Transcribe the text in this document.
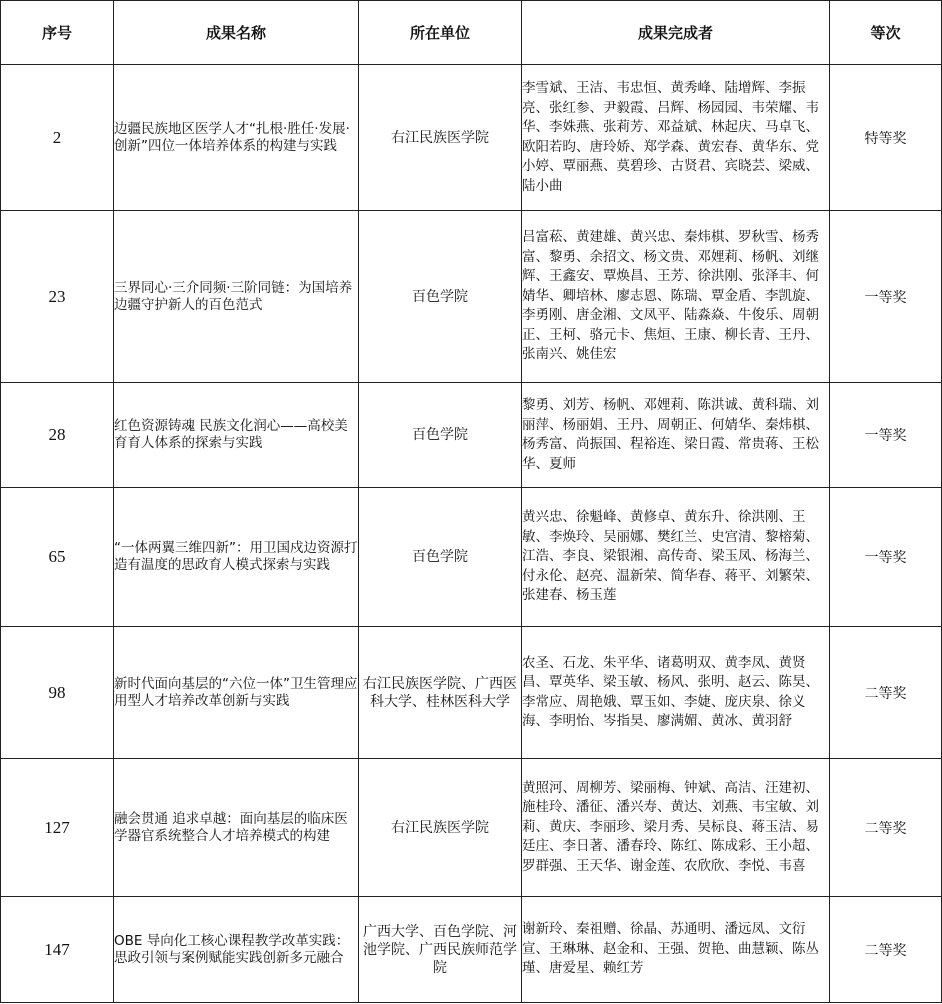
序号	成果名称	所在单位	成果完成者	等次
2	边疆民族地区医学人才“扎根·胜任·发展·创新”四位一体培养体系的构建与实践	右江民族医学院	李雪斌、王洁、韦忠恒、黄秀峰、陆增辉、李振亮、张红参、尹毅霞、吕辉、杨园园、韦荣耀、韦华、李姝燕、张莉芳、邓益斌、林起庆、马卓飞、欧阳若昀、唐玲娇、郑学森、黄宏春、黄华东、党小婷、覃丽燕、莫碧珍、古贤君、宾晓芸、梁威、陆小曲	特等奖
23	三界同心·三介同频·三阶同链：为国培养边疆守护新人的百色范式	百色学院	吕富菘、黄建雄、黄兴忠、秦炜棋、罗秋雪、杨秀富、黎勇、余招文、杨文贵、邓娌莉、杨帆、刘继辉、王鑫安、覃焕昌、王芳、徐洪刚、张泽丰、何婧华、卿培林、廖志恩、陈瑞、覃金盾、李凯旋、李勇刚、唐金湘、文凤平、陆淼焱、牛俊乐、周朝正、王柯、骆元卡、焦烜、王康、柳长青、王丹、张南兴、姚佳宏	一等奖
28	红色资源铸魂 民族文化润心——高校美育育人体系的探索与实践	百色学院	黎勇、刘芳、杨帆、邓娌莉、陈洪诚、黄科瑞、刘丽萍、杨丽娟、王丹、周朝正、何婧华、秦炜棋、杨秀富、尚振国、程裕连、梁日霞、常贵蒋、王松华、夏师	一等奖
65	“一体两翼三维四新”：用卫国戍边资源打造有温度的思政育人模式探索与实践	百色学院	黄兴忠、徐魁峰、黄修卓、黄东升、徐洪刚、王敏、李焕玲、吴丽娜、樊红兰、史宫清、黎榕菊、江浩、李良、梁银湘、高传奇、梁玉凤、杨海兰、付永伦、赵亮、温新荣、简华春、蒋平、刘繁荣、张建春、杨玉莲	一等奖
98	新时代面向基层的“六位一体”卫生管理应用型人才培养改革创新与实践	右江民族医学院、广西医科大学、桂林医科大学	农圣、石龙、朱平华、诸葛明双、黄李凤、黄贤昌、覃英华、梁玉敏、杨风、张明、赵云、陈昊、李常应、周艳娥、覃玉如、李婕、庞庆泉、徐义海、李明怡、岑指昊、廖满媚、黄冰、黄羽舒	二等奖
127	融会贯通 追求卓越：面向基层的临床医学器官系统整合人才培养模式的构建	右江民族医学院	黄照河、周柳芳、梁丽梅、钟斌、高洁、汪建初、施桂玲、潘征、潘兴寿、黄达、刘燕、韦宝敏、刘莉、黄庆、李丽珍、梁月秀、吴标良、蒋玉洁、易廷庄、李日著、潘春玲、陈红、陈成彩、王小超、罗群强、王天华、谢金莲、农欣欣、李悦、韦喜	二等奖
147	OBE 导向化工核心课程教学改革实践：思政引领与案例赋能实践创新多元融合	广西大学、百色学院、河池学院、广西民族师范学院	谢新玲、秦祖赠、徐晶、苏通明、潘远凤、文衍宣、王琳琳、赵金和、王强、贺艳、曲慧颖、陈丛瑾、唐爱星、赖红芳	二等奖
